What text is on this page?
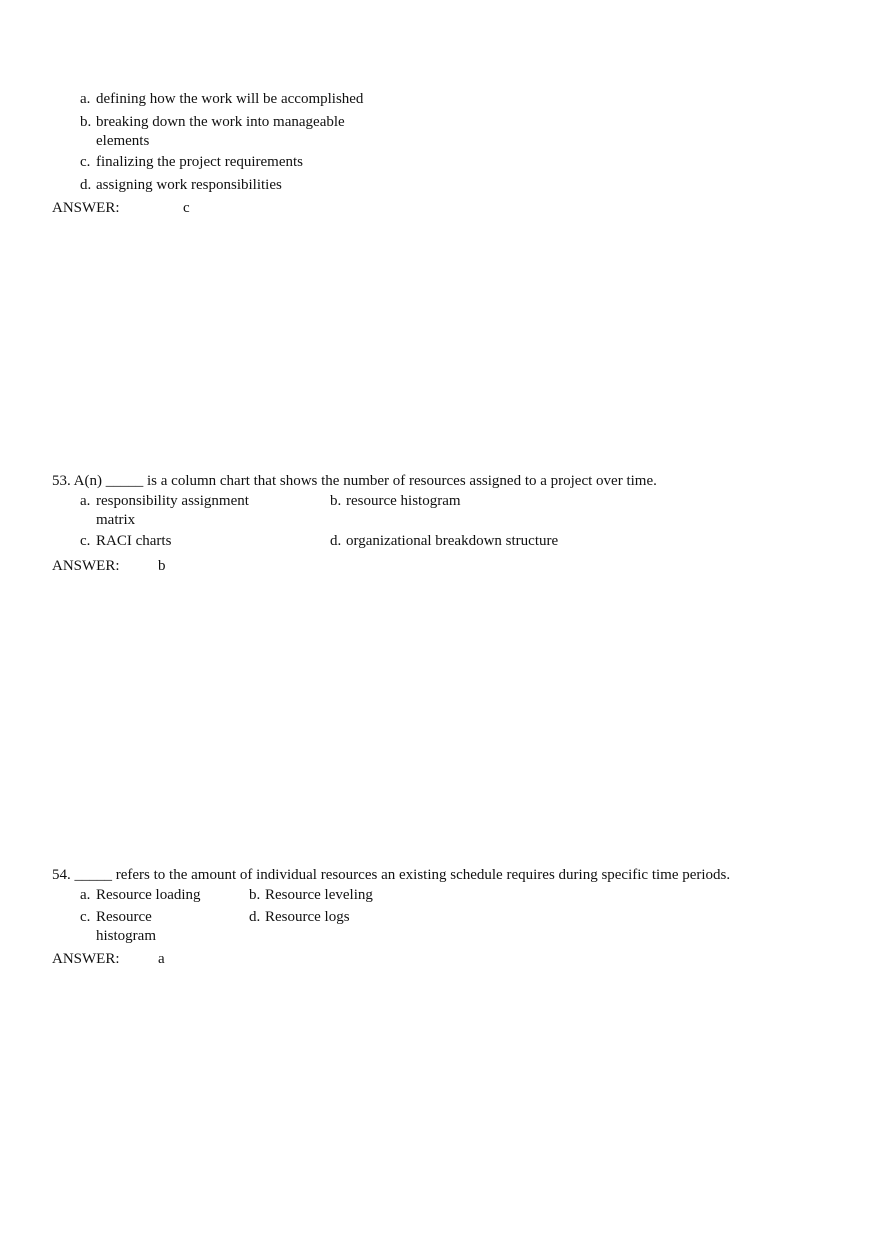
a. defining how the work will be accomplished
b. breaking down the work into manageable elements
c. finalizing the project requirements
d. assigning work responsibilities
ANSWER:	c
53. A(n) _____ is a column chart that shows the number of resources assigned to a project over time.
a. responsibility assignment matrix
b. resource histogram
c. RACI charts	d. organizational breakdown structure
ANSWER:	b
54. _____ refers to the amount of individual resources an existing schedule requires during specific time periods.
a. Resource loading	b. Resource leveling
c. Resource histogram
d. Resource logs
ANSWER:	a
